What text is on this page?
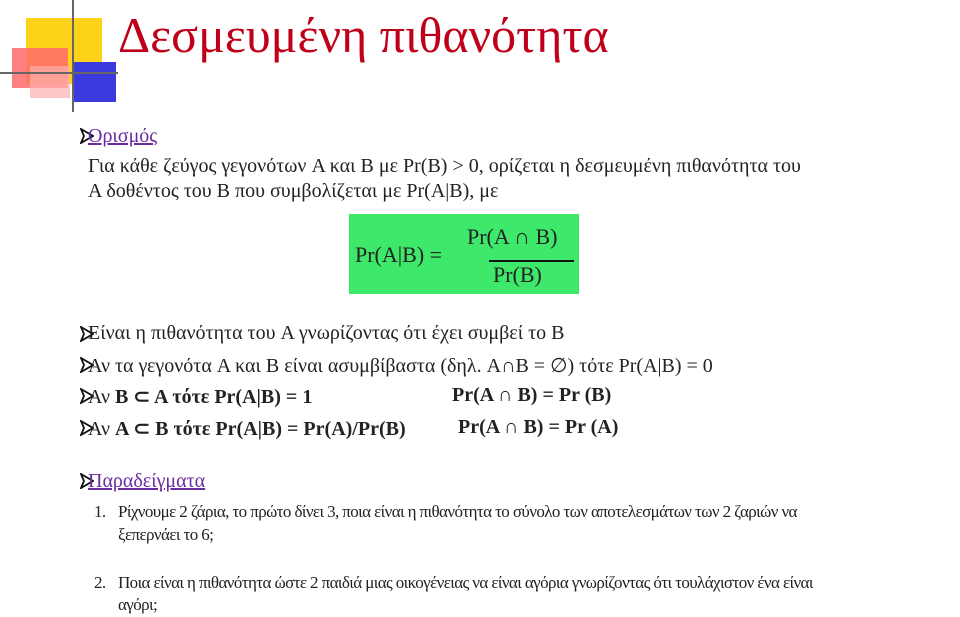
Δεσμευμένη πιθανότητα
Ορισμός
Για κάθε ζεύγος γεγονότων A και B με Pr(B) > 0, ορίζεται η δεσμευμένη πιθανότητα του
A δοθέντος του B που συμβολίζεται με Pr(A|B), με
Pr(A|B) =
Pr(A ∩ B)
Pr(B)
Είναι η πιθανότητα του A γνωρίζοντας ότι έχει συμβεί το B
Αν τα γεγονότα A και B είναι ασυμβίβαστα (δηλ. A∩B = ∅) τότε Pr(A|B) = 0
Αν B ⊂ A τότε Pr(A|B) = 1	Pr(A ∩ B) = Pr (B)
Αν A ⊂ B τότε Pr(A|B) = Pr(A)/Pr(B)	Pr(A ∩ B) = Pr (A)
Παραδείγματα
1. Ρίχνουμε 2 ζάρια, το πρώτο δίνει 3, ποια είναι η πιθανότητα το σύνολο των αποτελεσμάτων των 2 ζαριών να
ξεπερνάει το 6;
2. Ποια είναι η πιθανότητα ώστε 2 παιδιά μιας οικογένειας να είναι αγόρια γνωρίζοντας ότι τουλάχιστον ένα είναι
αγόρι;
